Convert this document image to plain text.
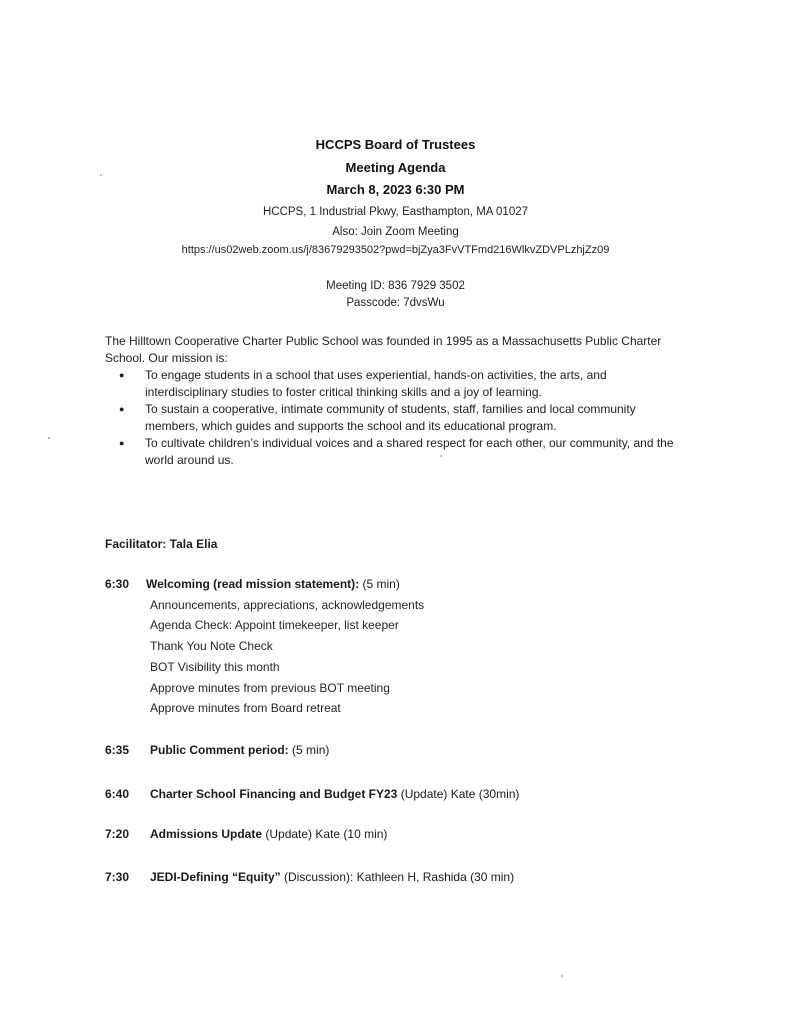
HCCPS Board of Trustees
Meeting Agenda
March 8, 2023 6:30 PM
HCCPS, 1 Industrial Pkwy, Easthampton, MA 01027
Also: Join Zoom Meeting
https://us02web.zoom.us/j/83679293502?pwd=bjZya3FvVTFmd216WlkvZDVPLzhjZz09
Meeting ID: 836 7929 3502
Passcode: 7dvsWu

The Hilltown Cooperative Charter Public School was founded in 1995 as a Massachusetts Public Charter School. Our mission is:

● To engage students in a school that uses experiential, hands-on activities, the arts, and interdisciplinary studies to foster critical thinking skills and a joy of learning.
● To sustain a cooperative, intimate community of students, staff, families and local community members, which guides and supports the school and its educational program.
● To cultivate children’s individual voices and a shared respect for each other, our community, and the world around us.
Facilitator: Tala Elia
6:30 Welcoming (read mission statement): (5 min)
Announcements, appreciations, acknowledgements
Agenda Check: Appoint timekeeper, list keeper
Thank You Note Check
BOT Visibility this month
Approve minutes from previous BOT meeting
Approve minutes from Board retreat
6:35 Public Comment period: (5 min)
6:40 Charter School Financing and Budget FY23 (Update) Kate (30min)
7:20 Admissions Update (Update) Kate (10 min)
7:30 JEDI-Defining “Equity” (Discussion): Kathleen H, Rashida (30 min)
